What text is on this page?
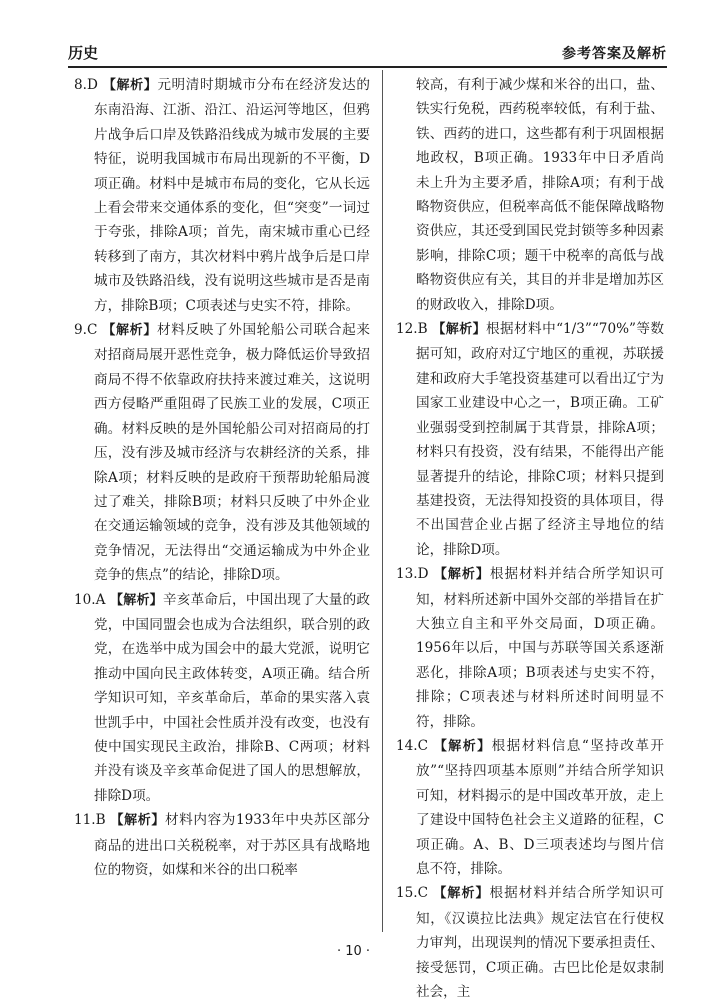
历史	参考答案及解析

8.D 【解析】元明清时期城市分布在经济发达的东南沿海、江浙、沿江、沿运河等地区，但鸦片战争后口岸及铁路沿线成为城市发展的主要特征，说明我国城市布局出现新的不平衡，D项正确。材料中是城市布局的变化，它从长远上看会带来交通体系的变化，但“突变”一词过于夸张，排除A项；首先，南宋城市重心已经转移到了南方，其次材料中鸦片战争后是口岸城市及铁路沿线，没有说明这些城市是否是南方，排除B项；C项表述与史实不符，排除。

9.C 【解析】材料反映了外国轮船公司联合起来对招商局展开恶性竞争，极力降低运价导致招商局不得不依靠政府扶持来渡过难关，这说明西方侵略严重阻碍了民族工业的发展，C项正确。材料反映的是外国轮船公司对招商局的打压，没有涉及城市经济与农耕经济的关系，排除A项；材料反映的是政府干预帮助轮船局渡过了难关，排除B项；材料只反映了中外企业在交通运输领域的竞争，没有涉及其他领域的竞争情况，无法得出“交通运输成为中外企业竞争的焦点”的结论，排除D项。

10.A 【解析】辛亥革命后，中国出现了大量的政党，中国同盟会也成为合法组织，联合别的政党，在选举中成为国会中的最大党派，说明它推动中国向民主政体转变，A项正确。结合所学知识可知，辛亥革命后，革命的果实落入袁世凯手中，中国社会性质并没有改变，也没有使中国实现民主政治，排除B、C两项；材料并没有谈及辛亥革命促进了国人的思想解放，排除D项。

11.B 【解析】材料内容为1933年中央苏区部分商品的进出口关税税率，对于苏区具有战略地位的物资，如煤和米谷的出口税率

较高，有利于减少煤和米谷的出口，盐、铁实行免税，西药税率较低，有利于盐、铁、西药的进口，这些都有利于巩固根据地政权，B项正确。1933年中日矛盾尚未上升为主要矛盾，排除A项；有利于战略物资供应，但税率高低不能保障战略物资供应，其还受到国民党封锁等多种因素影响，排除C项；题干中税率的高低与战略物资供应有关，其目的并非是增加苏区的财政收入，排除D项。

12.B 【解析】根据材料中“1/3”“70%”等数据可知，政府对辽宁地区的重视，苏联援建和政府大手笔投资基建可以看出辽宁为国家工业建设中心之一，B项正确。工矿业强弱受到控制属于其背景，排除A项；材料只有投资，没有结果，不能得出产能显著提升的结论，排除C项；材料只提到基建投资，无法得知投资的具体项目，得不出国营企业占据了经济主导地位的结论，排除D项。

13.D 【解析】根据材料并结合所学知识可知，材料所述新中国外交部的举措旨在扩大独立自主和平外交局面，D项正确。1956年以后，中国与苏联等国关系逐渐恶化，排除A项；B项表述与史实不符，排除；C项表述与材料所述时间明显不符，排除。

14.C 【解析】根据材料信息“坚持改革开放”“坚持四项基本原则”并结合所学知识可知，材料揭示的是中国改革开放，走上了建设中国特色社会主义道路的征程，C项正确。A、B、D三项表述均与图片信息不符，排除。

15.C 【解析】根据材料并结合所学知识可知，《汉谟拉比法典》规定法官在行使权力审判，出现误判的情况下要承担责任、接受惩罚，C项正确。古巴比伦是奴隶制社会，主

· 10 ·
